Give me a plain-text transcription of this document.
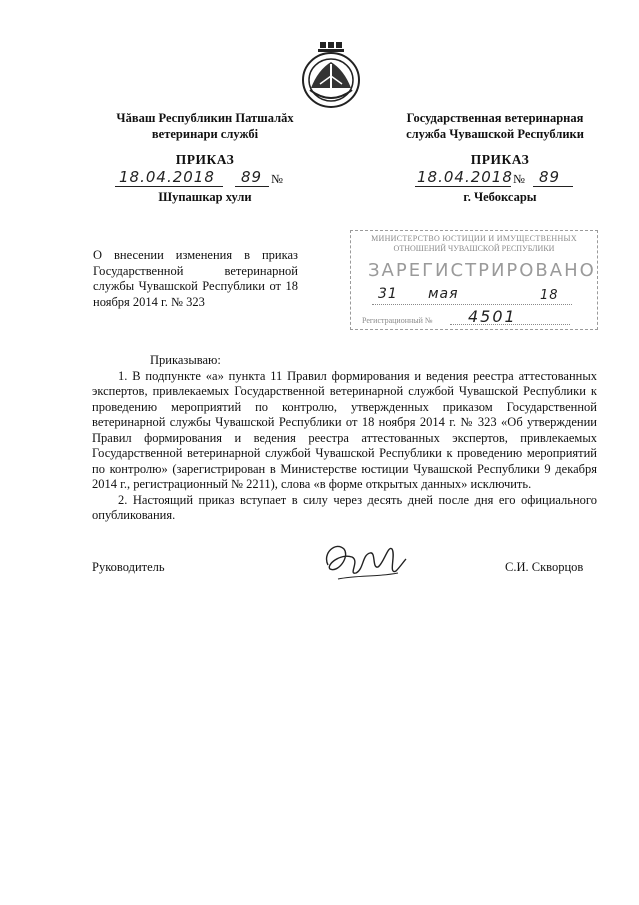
Чăваш Республикин Патшалăх
ветеринари службi
Государственная ветеринарная
служба Чувашской Республики
ПРИКАЗ	ПРИКАЗ
18.04.2018 89 №	18.04.2018 № 89
Шупашкар хули	г. Чебоксары
О внесении изменения в приказ Государственной ветеринарной службы Чувашской Республики от 18 ноября 2014 г. № 323
МИНИСТЕРСТВО ЮСТИЦИИ И ИМУЩЕСТВЕННЫХ
ОТНОШЕНИЙ ЧУВАШСКОЙ РЕСПУБЛИКИ
ЗАРЕГИСТРИРОВАНО
31 мая	18
Регистрационный № 4501

Приказываю:

1. В подпункте «а» пункта 11 Правил формирования и ведения реестра аттестованных экспертов, привлекаемых Государственной ветеринарной службой Чувашской Республики к проведению мероприятий по контролю, утвержденных приказом Государственной ветеринарной службы Чувашской Республики от 18 ноября 2014 г. № 323 «Об утверждении Правил формирования и ведения реестра аттестованных экспертов, привлекаемых Государственной ветеринарной службой Чувашской Республики к проведению мероприятий по контролю» (зарегистрирован в Министерстве юстиции Чувашской Республики 9 декабря 2014 г., регистрационный № 2211), слова «в форме открытых данных» исключить.

2. Настоящий приказ вступает в силу через десять дней после дня его официального опубликования.

Руководитель	С.И. Скворцов
